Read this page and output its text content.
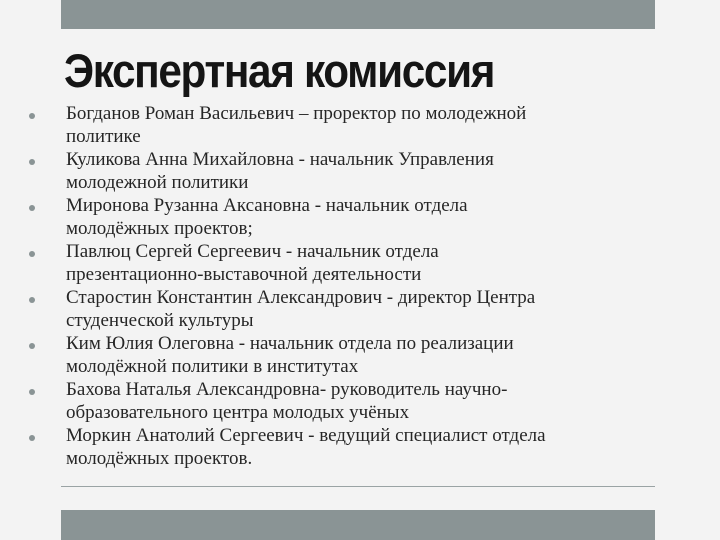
Экспертная комиссия
Богданов Роман Васильевич – проректор по молодежной
политике
Куликова Анна Михайловна - начальник Управления
молодежной политики
Миронова Рузанна Аксановна - начальник отдела
молодёжных проектов;
Павлюц Сергей Сергеевич - начальник отдела
презентационно-выставочной деятельности
Старостин Константин Александрович - директор Центра
студенческой культуры
Ким Юлия Олеговна - начальник отдела по реализации
молодёжной политики в институтах
Бахова Наталья Александровна- руководитель научно-
образовательного центра молодых учёных
Моркин Анатолий Сергеевич - ведущий специалист отдела
молодёжных проектов.
